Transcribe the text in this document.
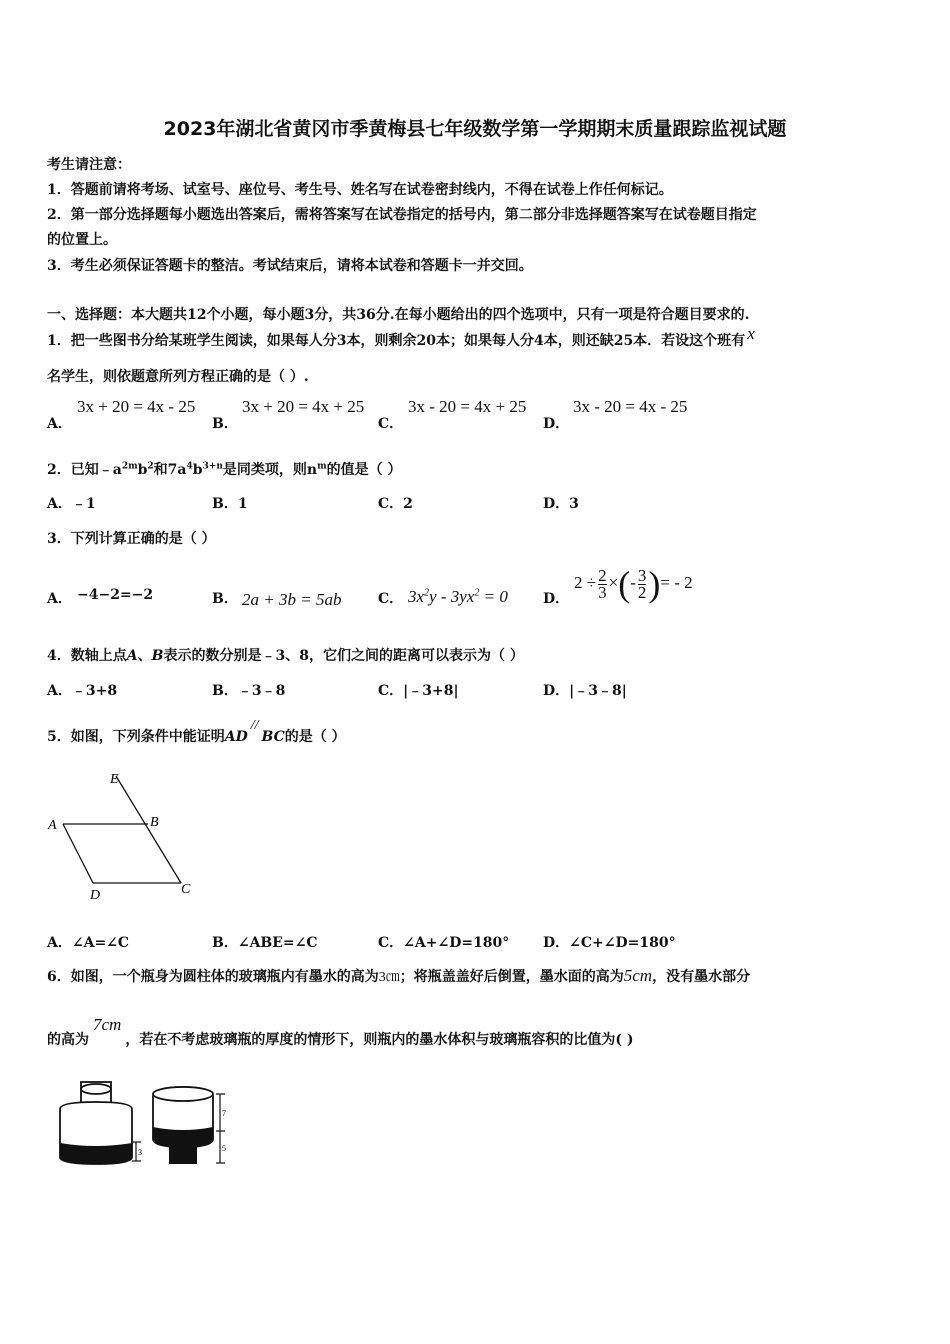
2023年湖北省黄冈市季黄梅县七年级数学第一学期期末质量跟踪监视试题
考生请注意：
1．答题前请将考场、试室号、座位号、考生号、姓名写在试卷密封线内，不得在试卷上作任何标记。
2．第一部分选择题每小题选出答案后，需将答案写在试卷指定的括号内，第二部分非选择题答案写在试卷题目指定
的位置上。
3．考生必须保证答题卡的整洁。考试结束后，请将本试卷和答题卡一并交回。
一、选择题：本大题共12个小题，每小题3分，共36分.在每小题给出的四个选项中，只有一项是符合题目要求的.
1．把一些图书分给某班学生阅读，如果每人分3本，则剩余20本；如果每人分4本，则还缺25本．若设这个班有 x
名学生，则依题意所列方程正确的是（ ）.
A．
3x + 20 = 4x - 25
B．
3x + 20 = 4x + 25
C．
3x - 20 = 4x + 25
D．
3x - 20 = 4x - 25
2．已知$﹣a^{2m}b^2$和$7a^4b^{3+n}$是同类项，则$n^m$的值是（ ）
A．﹣1	B．1	C．2	D．3
3．下列计算正确的是（ ）
A． −4−2=−2	B． 2a + 3b = 5ab	C． $3x^2y - 3yx^2 = 0$	D．
$2 \div \frac{2}{3}$ ×(- $\frac{3}{2}$ )= - 2
4．数轴上点A、B表示的数分别是﹣3、8，它们之间的距离可以表示为（ ）
A．﹣3+8	B．﹣3﹣8	C．|﹣3+8|	D．|﹣3﹣8|
5．如图，下列条件中能证明AD//BC的是（ ）
E
A	B
D	C
A．∠A=∠C	B．∠ABE=∠C	C．∠A+∠D=180° D．∠C+∠D=180°
6．如图，一个瓶身为圆柱体的玻璃瓶内有墨水的高为3㎝；将瓶盖盖好后倒置，墨水面的高为5cm，没有墨水部分
的高为7cm，若在不考虑玻璃瓶的厚度的情形下，则瓶内的墨水体积与玻璃瓶容积的比值为( )
3
7
5
